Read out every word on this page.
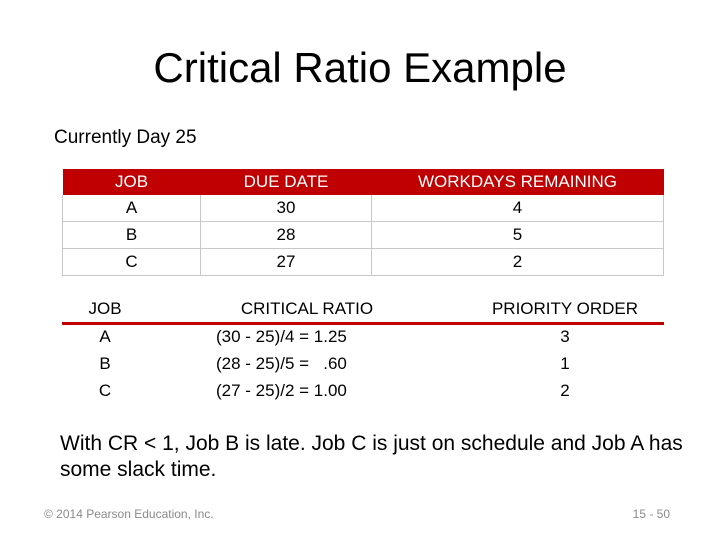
Critical Ratio Example
Currently Day 25
JOB	DUE DATE	WORKDAYS REMAINING
A	30	4
B	28	5
C	27	2
JOB	CRITICAL RATIO	PRIORITY ORDER
A	(30 - 25)/4 = 1.25	3
B	(28 - 25)/5 =   .60	1
C	(27 - 25)/2 = 1.00	2
With CR < 1, Job B is late. Job C is just on schedule and Job A has some slack time.
© 2014 Pearson Education, Inc.	15 - 50
